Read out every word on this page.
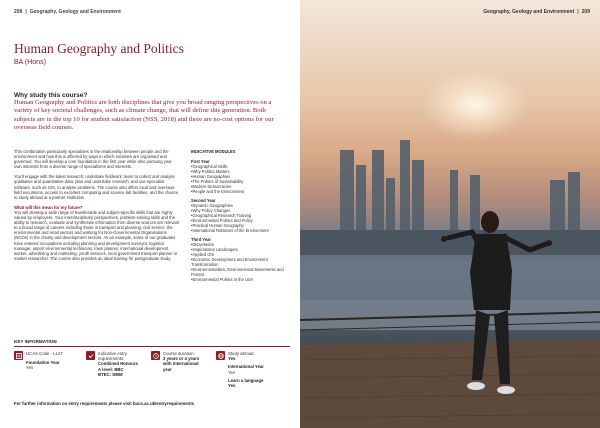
208 | Geography, Geology and Environment
Human Geography and Politics
BA (Hons)
Why study this course?

Human Geography and Politics are both disciplines that give you broad ranging perspectives on a variety of key societal challenges, such as climate change, that will define this generation. Both subjects are in the top 10 for student satisfaction (NSS, 2018) and there are no-cost options for our overseas field courses.

This combination particularly specialises in the relationship between people and the environment and how this is affected by ways in which societies are organised and governed. You will develop a core foundation in the first year while also pursuing your own interests from a diverse range of specialisms and interests.

You'll engage with the latest research; undertake fieldwork; learn to collect and analyse qualitative and quantitative data; plan and undertake research; and use specialist software, such as GIS, to analyse problems. The course also offers local and overseas field excursions, access to excellent computing and science lab facilities, and the chance to study abroad at a partner institution

What will this mean for my future?

You will develop a wide range of transferable and subject-specific skills that are highly valued by employers. Your interdisciplinary perspectives, problem-solving skills and the ability to research, evaluate and synthesise information from diverse sources are relevant to a broad range of careers including those in transport and planning, civil service, the environmental and retail sectors and working for Non-Governmental Organisations (NGOs) in the charity and development sectors. As an example, some of our graduates have entered occupations including planning and development surveyor, logistics manager, airport environmental technician, town planner, international development worker, advertising and marketing, youth services, local government transport planner or market researcher. The course also provides an ideal training for postgraduate study.

INDICATIVE MODULES
First Year
•Geographical Skills
•Why Politics Matters
•Human Geographies
•The Politics of Sustainability
•Modern Democracies
•People and the Environment
Second Year
•Dynamic Geographies
•Why Policy Changes
•Geographical Research Training
•Environmental Politics and Policy
•Practical Human Geography
•International Relations of the Environment
Third Year
•Dissertation
•Inspirational Landscapes
•Applied GIS
•Economic Development and Environment Transformation
•Environmentalism, Environmental Movements and Protest
•Environmental Politics in the USA
KEY INFORMATION
UCAS Code - LL27
Foundation Year
Yes
Indicative entry
requirements:
Combined Honours
A level: BBC
BTEC: DMM
Course duration:
3 years or 4 years
with international
year
Study abroad
Yes
International Year
Yes
Learn a language
Yes
For further information on entry requirements please visit bucs.ac.uk/entryrequirements
Geography, Geology and Environment | 209
